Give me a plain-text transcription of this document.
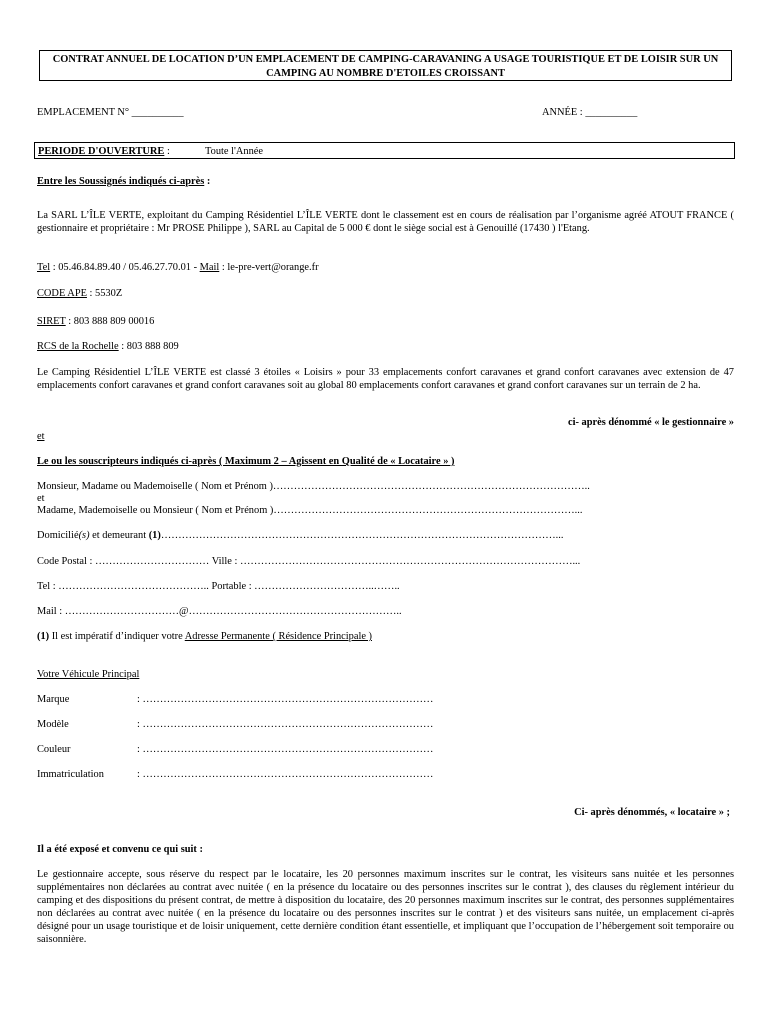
CONTRAT ANNUEL DE LOCATION D’UN EMPLACEMENT DE CAMPING-CARAVANING A USAGE TOURISTIQUE ET DE LOISIR SUR UN CAMPING AU NOMBRE D'ETOILES CROISSANT
EMPLACEMENT N° __________	ANNÉE : __________
PERIODE D'OUVERTURE :	Toute l'Année
Entre les Soussignés indiqués ci-après :
La SARL L’ÎLE VERTE, exploitant du Camping Résidentiel L’ÎLE VERTE dont le classement est en cours de réalisation par l’organisme agréé ATOUT FRANCE ( gestionnaire et propriétaire : Mr PROSE Philippe ), SARL au Capital de 5 000 € dont le siège social est à Genouillé (17430 ) l'Etang.
Tel : 05.46.84.89.40 / 05.46.27.70.01 - Mail : le-pre-vert@orange.fr
CODE APE : 5530Z
SIRET : 803 888 809 00016
RCS de la Rochelle : 803 888 809
Le Camping Résidentiel L’ÎLE VERTE est classé 3 étoiles « Loisirs » pour 33 emplacements confort caravanes et grand confort caravanes avec extension de 47 emplacements confort caravanes et grand confort caravanes soit au global 80 emplacements confort caravanes et grand confort caravanes sur un terrain de 2 ha.
ci- après dénommé « le gestionnaire »
et
Le ou les souscripteurs indiqués ci-après ( Maximum 2 – Agissent en Qualité de « Locataire » )
Monsieur, Madame ou Mademoiselle ( Nom et Prénom )………………………………………………………………………………..
et
Madame, Mademoiselle ou Monsieur ( Nom et Prénom )……………………………………………………………………………...
Domicilié(s) et demeurant (1)……………………………………………………………………………………………………...
Code Postal : …………………………… Ville : ……………………………………………………………………………………...
Tel : …………………………………….. Portable : ……………………………..……..
Mail : ……………………………@……………………………………………………..
(1) Il est impératif d’indiquer votre Adresse Permanente ( Résidence Principale )
Votre Véhicule Principal
Marque	: …………………………………………………………………………
Modèle	: …………………………………………………………………………
Couleur	: …………………………………………………………………………
Immatriculation	: …………………………………………………………………………
Ci- après dénommés, « locataire » ;
Il a été exposé et convenu ce qui suit :
Le gestionnaire accepte, sous réserve du respect par le locataire, les 20 personnes maximum inscrites sur le contrat, les visiteurs sans nuitée et les personnes supplémentaires non déclarées au contrat avec nuitée ( en la présence du locataire ou des personnes inscrites sur le contrat ), des clauses du règlement intérieur du camping et des dispositions du présent contrat, de mettre à disposition du locataire, des 20 personnes maximum inscrites sur le contrat, des personnes supplémentaires non déclarées au contrat avec nuitée ( en la présence du locataire ou des personnes inscrites sur le contrat ) et des visiteurs sans nuitée, un emplacement ci-après désigné pour un usage touristique et de loisir uniquement, cette dernière condition étant essentielle, et impliquant que l’occupation de l’hébergement soit temporaire ou saisonnière.
